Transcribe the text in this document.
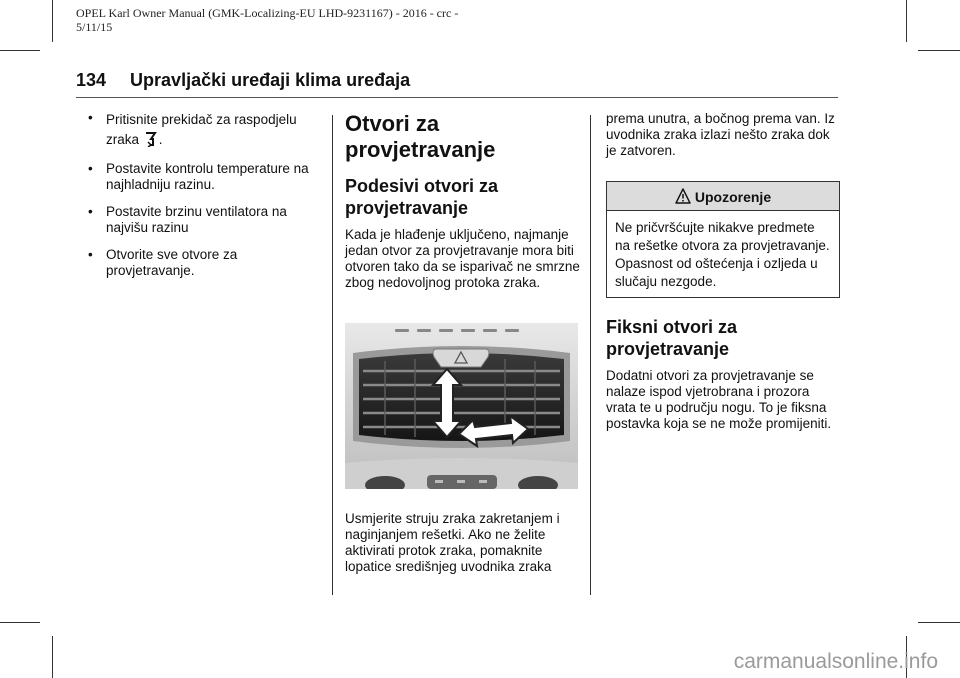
OPEL Karl Owner Manual (GMK-Localizing-EU LHD-9231167) - 2016 - crc -
5/11/15
134 Upravljački uređaji klima uređaja
• Pritisnite prekidač za raspodjelu zraka .
• Postavite kontrolu temperature na najhladniju razinu.
• Postavite brzinu ventilatora na najvišu razinu
• Otvorite sve otvore za provjetravanje.
Otvori za provjetravanje
Podesivi otvori za provjetravanje

Kada je hlađenje uključeno, najmanje jedan otvor za provjetravanje mora biti otvoren tako da se isparivač ne smrzne zbog nedovoljnog protoka zraka.

Usmjerite struju zraka zakretanjem i naginjanjem rešetki. Ako ne želite aktivirati protok zraka, pomaknite lopatice središnjeg uvodnika zraka

prema unutra, a bočnog prema van. Iz uvodnika zraka izlazi nešto zraka dok je zatvoren.

Upozorenje
Ne pričvršćujte nikakve predmete na rešetke otvora za provjetravanje. Opasnost od oštećenja i ozljeda u slučaju nezgode.
Fiksni otvori za provjetravanje

Dodatni otvori za provjetravanje se nalaze ispod vjetrobrana i prozora vrata te u području nogu. To je fiksna postavka koja se ne može promijeniti.

carmanualsonline.info
